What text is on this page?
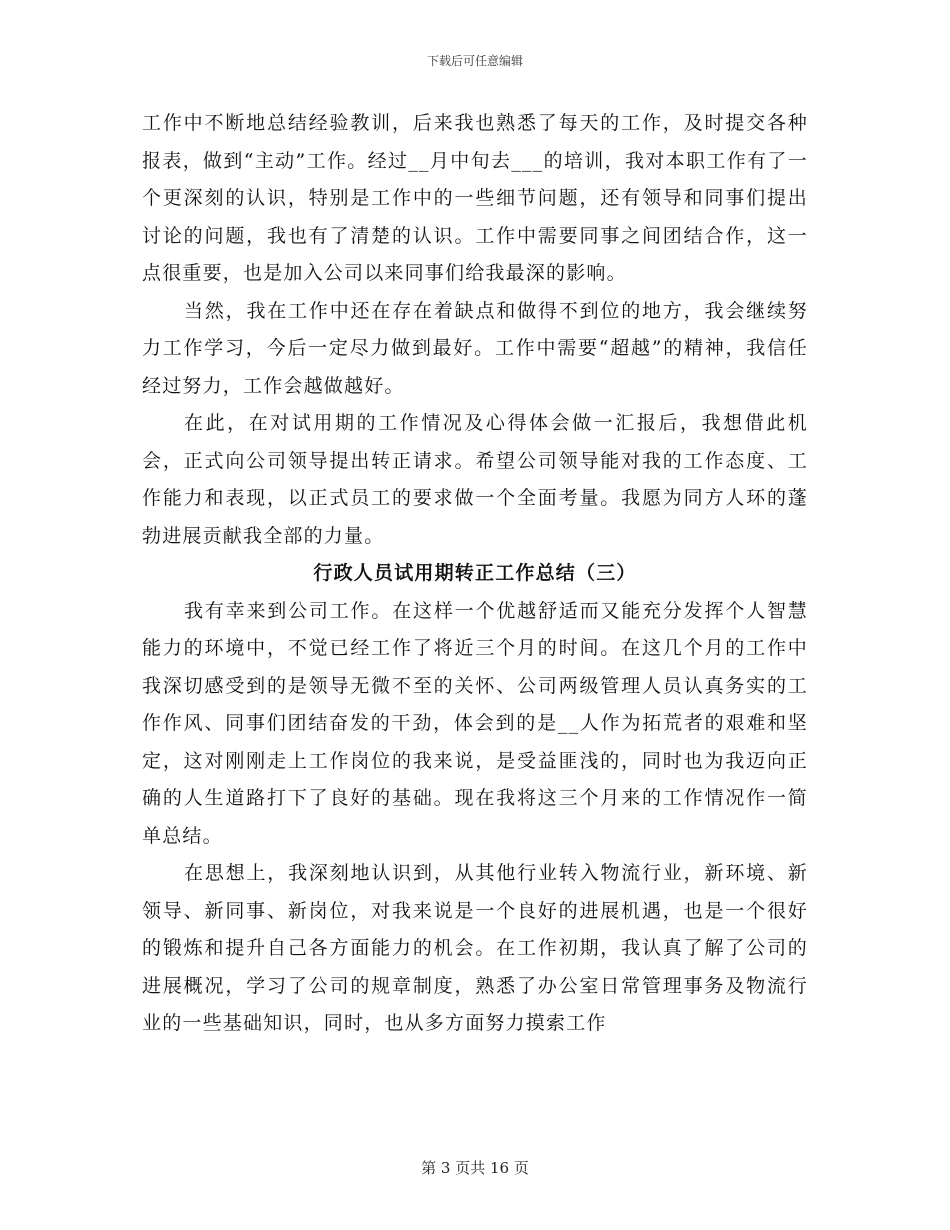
下载后可任意编辑

工作中不断地总结经验教训，后来我也熟悉了每天的工作，及时提交各种报表，做到“主动”工作。经过__月中旬去___的培训，我对本职工作有了一个更深刻的认识，特别是工作中的一些细节问题，还有领导和同事们提出讨论的问题，我也有了清楚的认识。工作中需要同事之间团结合作，这一点很重要，也是加入公司以来同事们给我最深的影响。

当然，我在工作中还在存在着缺点和做得不到位的地方，我会继续努力工作学习，今后一定尽力做到最好。工作中需要“超越”的精神，我信任经过努力，工作会越做越好。

在此，在对试用期的工作情况及心得体会做一汇报后，我想借此机会，正式向公司领导提出转正请求。希望公司领导能对我的工作态度、工作能力和表现，以正式员工的要求做一个全面考量。我愿为同方人环的蓬勃进展贡献我全部的力量。

行政人员试用期转正工作总结（三）

我有幸来到公司工作。在这样一个优越舒适而又能充分发挥个人智慧能力的环境中，不觉已经工作了将近三个月的时间。在这几个月的工作中我深切感受到的是领导无微不至的关怀、公司两级管理人员认真务实的工作作风、同事们团结奋发的干劲，体会到的是__人作为拓荒者的艰难和坚定，这对刚刚走上工作岗位的我来说，是受益匪浅的，同时也为我迈向正确的人生道路打下了良好的基础。现在我将这三个月来的工作情况作一简单总结。

在思想上，我深刻地认识到，从其他行业转入物流行业，新环境、新领导、新同事、新岗位，对我来说是一个良好的进展机遇，也是一个很好的锻炼和提升自己各方面能力的机会。在工作初期，我认真了解了公司的进展概况，学习了公司的规章制度，熟悉了办公室日常管理事务及物流行业的一些基础知识，同时，也从多方面努力摸索工作

第 3 页共 16 页
